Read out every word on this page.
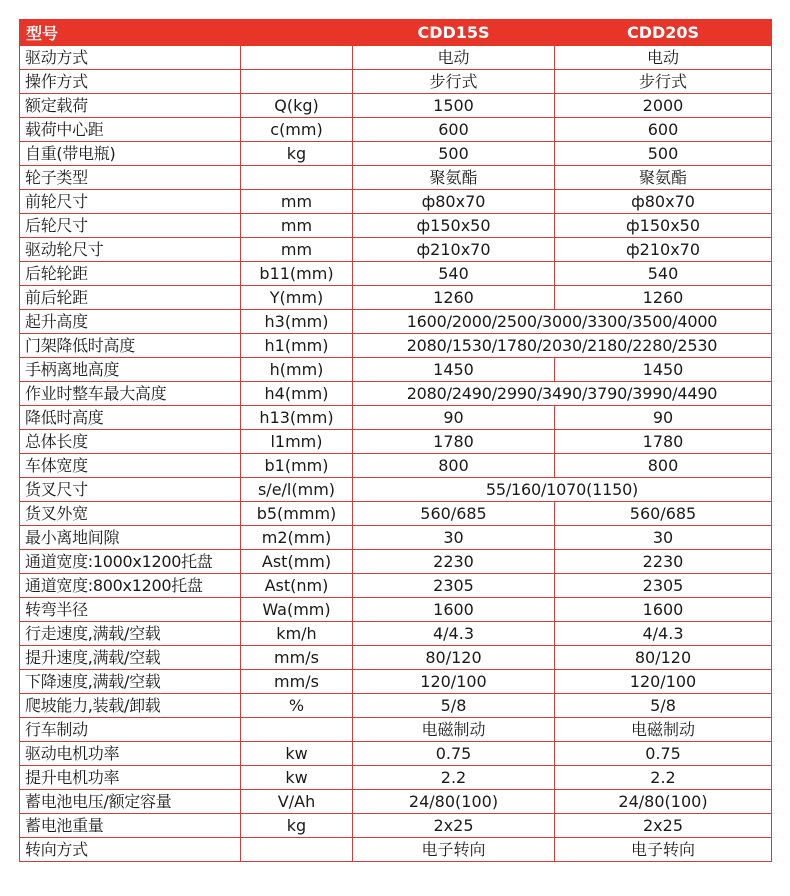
型号		CDD15S	CDD20S
驱动方式		电动	电动
操作方式		步行式	步行式
额定载荷	Q(kg)	1500	2000
载荷中心距	c(mm)	600	600
自重(带电瓶)	kg	500	500
轮子类型		聚氨酯	聚氨酯
前轮尺寸	mm	ф80x70	ф80x70
后轮尺寸	mm	ф150x50	ф150x50
驱动轮尺寸	mm	ф210x70	ф210x70
后轮轮距	b11(mm)	540	540
前后轮距	Y(mm)	1260	1260
起升高度	h3(mm)	1600/2000/2500/3000/3300/3500/4000	
门架降低时高度	h1(mm)	2080/1530/1780/2030/2180/2280/2530	
手柄离地高度	h(mm)	1450	1450
作业时整车最大高度	h4(mm)	2080/2490/2990/3490/3790/3990/4490	
降低时高度	h13(mm)	90	90
总体长度	l1mm)	1780	1780
车体宽度	b1(mm)	800	800
货叉尺寸	s/e/l(mm)	55/160/1070(1150)	
货叉外宽	b5(mmm)	560/685	560/685
最小离地间隙	m2(mm)	30	30
通道宽度:1000x1200托盘	Ast(mm)	2230	2230
通道宽度:800x1200托盘	Ast(nm)	2305	2305
转弯半径	Wa(mm)	1600	1600
行走速度,满载/空载	km/h	4/4.3	4/4.3
提升速度,满载/空载	mm/s	80/120	80/120
下降速度,满载/空载	mm/s	120/100	120/100
爬坡能力,装载/卸载	%	5/8	5/8
行车制动		电磁制动	电磁制动
驱动电机功率	kw	0.75	0.75
提升电机功率	kw	2.2	2.2
蓄电池电压/额定容量	V/Ah	24/80(100)	24/80(100)
蓄电池重量	kg	2x25	2x25
转向方式		电子转向	电子转向
